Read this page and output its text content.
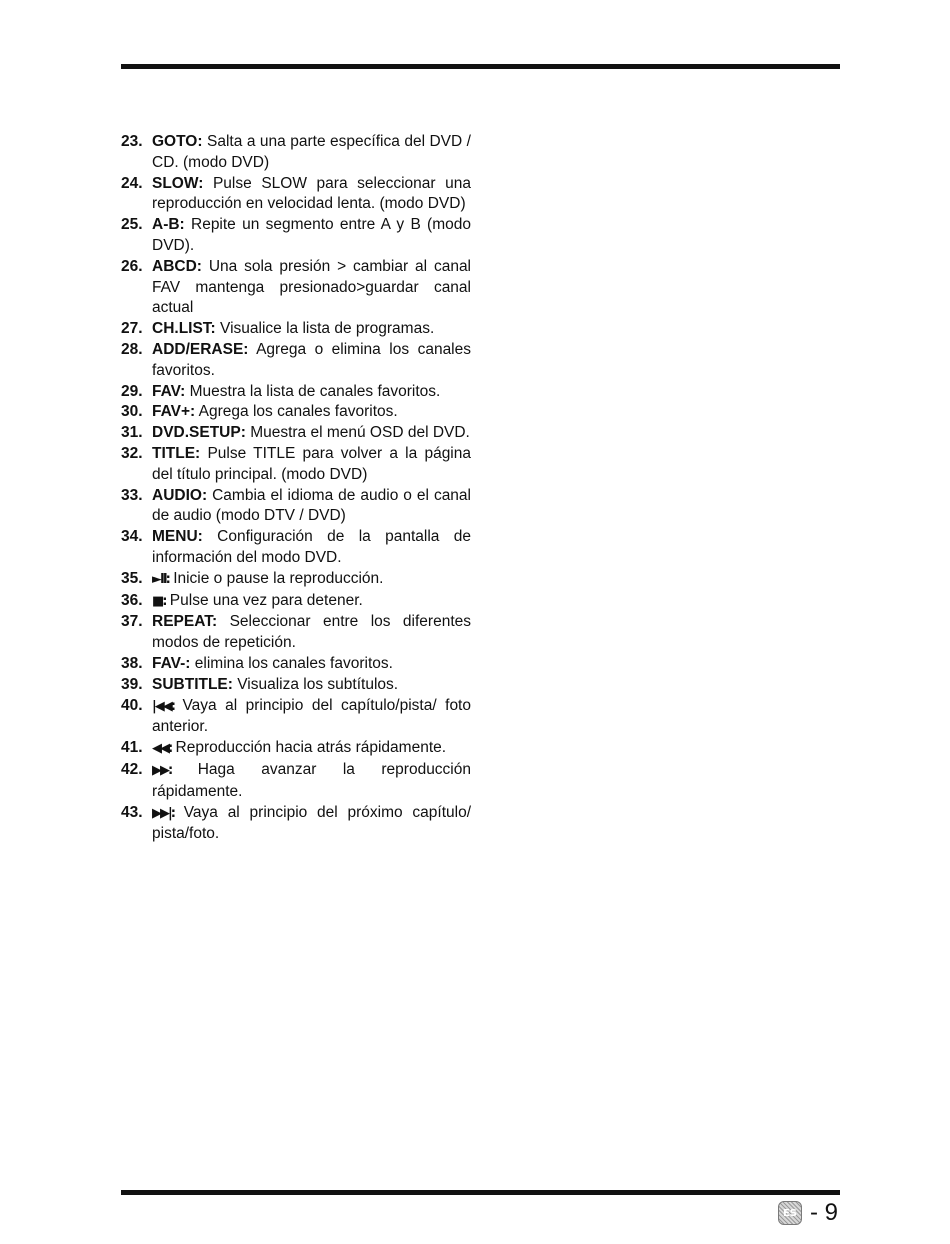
23. GOTO: Salta a una parte específica del DVD / CD. (modo DVD)
24. SLOW: Pulse SLOW para seleccionar una reproducción en velocidad lenta. (modo DVD)
25. A-B: Repite un segmento entre A y B (modo DVD).
26. ABCD: Una sola presión > cambiar al canal FAV mantenga presionado>guardar canal actual
27. CH.LIST: Visualice la lista de programas.
28. ADD/ERASE: Agrega o elimina los canales favoritos.
29. FAV: Muestra la lista de canales favoritos.
30. FAV+: Agrega los canales favoritos.
31. DVD.SETUP: Muestra el menú OSD del DVD.
32. TITLE: Pulse TITLE para volver a la página del título principal. (modo DVD)
33. AUDIO: Cambia el idioma de audio o el canal de audio (modo DTV / DVD)
34. MENU: Configuración de la pantalla de información del modo DVD.
35. ►II: Inicie o pause la reproducción.
36. ■: Pulse una vez para detener.
37. REPEAT: Seleccionar entre los diferentes modos de repetición.
38. FAV-: elimina los canales favoritos.
39. SUBTITLE: Visualiza los subtítulos.
40. |◀◀: Vaya al principio del capítulo/pista/ foto anterior.
41. ◀◀: Reproducción hacia atrás rápidamente.
42. ▶▶: Haga avanzar la reproducción rápidamente.
43. ▶▶|: Vaya al principio del próximo capítulo/ pista/foto.
ES - 9
